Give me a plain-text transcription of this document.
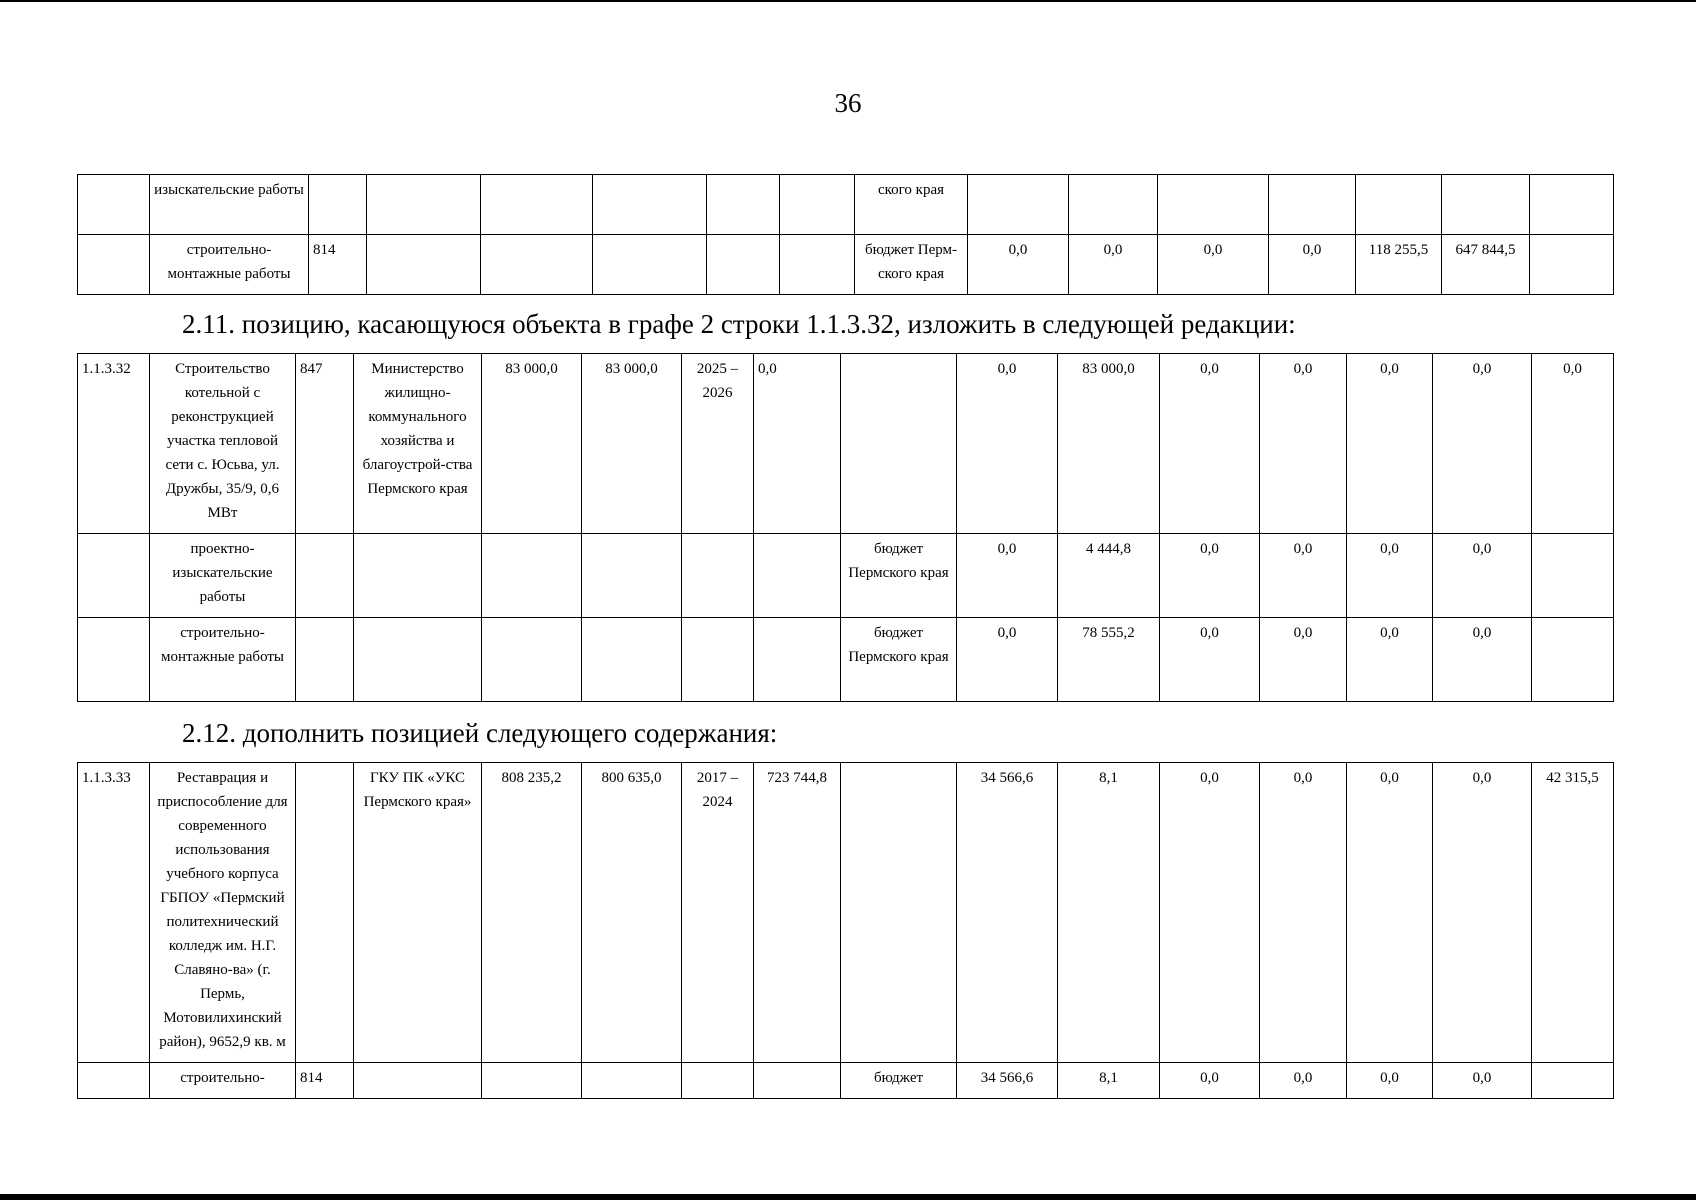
36
	изыскательские работы							ского края							
	строительно-монтажные работы	814						бюджет Перм-ского края	0,0	0,0	0,0	0,0	118 255,5	647 844,5	
2.11. позицию, касающуюся объекта в графе 2 строки 1.1.3.32, изложить в следующей редакции:
1.1.3.32	Строительство котельной с реконструкцией участка тепловой сети с. Юсьва, ул. Дружбы, 35/9, 0,6 МВт	847	Министерство жилищно-коммунального хозяйства и благоустрой-ства Пермского края	83 000,0	83 000,0	2025 – 2026	0,0		0,0	83 000,0	0,0	0,0	0,0	0,0	0,0
	проектно-изыскательские работы							бюджет Пермского края	0,0	4 444,8	0,0	0,0	0,0	0,0	
	строительно-монтажные работы							бюджет Пермского края	0,0	78 555,2	0,0	0,0	0,0	0,0	
2.12. дополнить позицией следующего содержания:
1.1.3.33	Реставрация и приспособление для современного использования учебного корпуса ГБПОУ «Пермский политехнический колледж им. Н.Г. Славяно-ва» (г. Пермь, Мотовилихинский район), 9652,9 кв. м		ГКУ ПК «УКС Пермского края»	808 235,2	800 635,0	2017 – 2024	723 744,8		34 566,6	8,1	0,0	0,0	0,0	0,0	42 315,5
	строительно-	814						бюджет	34 566,6	8,1	0,0	0,0	0,0	0,0	
